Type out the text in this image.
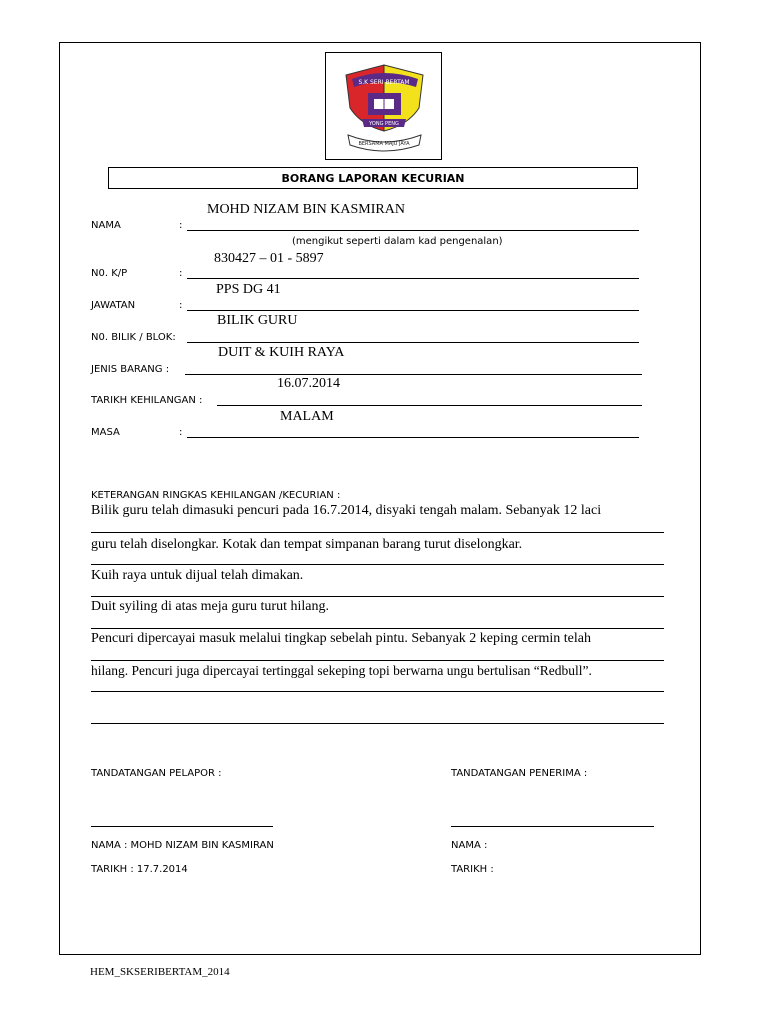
S.K SERI BERTAM
YONG PENG
BERSAMA MAJU JAYA
BORANG LAPORAN KECURIAN
MOHD NIZAM BIN KASMIRAN
NAMA	:
(mengikut seperti dalam kad pengenalan)
830427 – 01 - 5897
N0. K/P	:
PPS DG 41
JAWATAN	:
BILIK GURU
N0. BILIK / BLOK:
DUIT & KUIH RAYA
JENIS BARANG :
16.07.2014
TARIKH KEHILANGAN :
MALAM
MASA	:
KETERANGAN RINGKAS KEHILANGAN /KECURIAN :
Bilik guru telah dimasuki pencuri pada 16.7.2014, disyaki tengah malam. Sebanyak 12 laci
guru telah diselongkar. Kotak dan tempat simpanan barang turut diselongkar.
Kuih raya untuk dijual telah dimakan.
Duit syiling di atas meja guru turut hilang.
Pencuri dipercayai masuk melalui tingkap sebelah pintu. Sebanyak 2 keping cermin telah
hilang. Pencuri juga dipercayai tertinggal sekeping topi berwarna ungu bertulisan “Redbull”.
TANDATANGAN PELAPOR :	TANDATANGAN PENERIMA :
NAMA : MOHD NIZAM BIN KASMIRAN	NAMA :
TARIKH : 17.7.2014	TARIKH :
HEM_SKSERIBERTAM_2014
